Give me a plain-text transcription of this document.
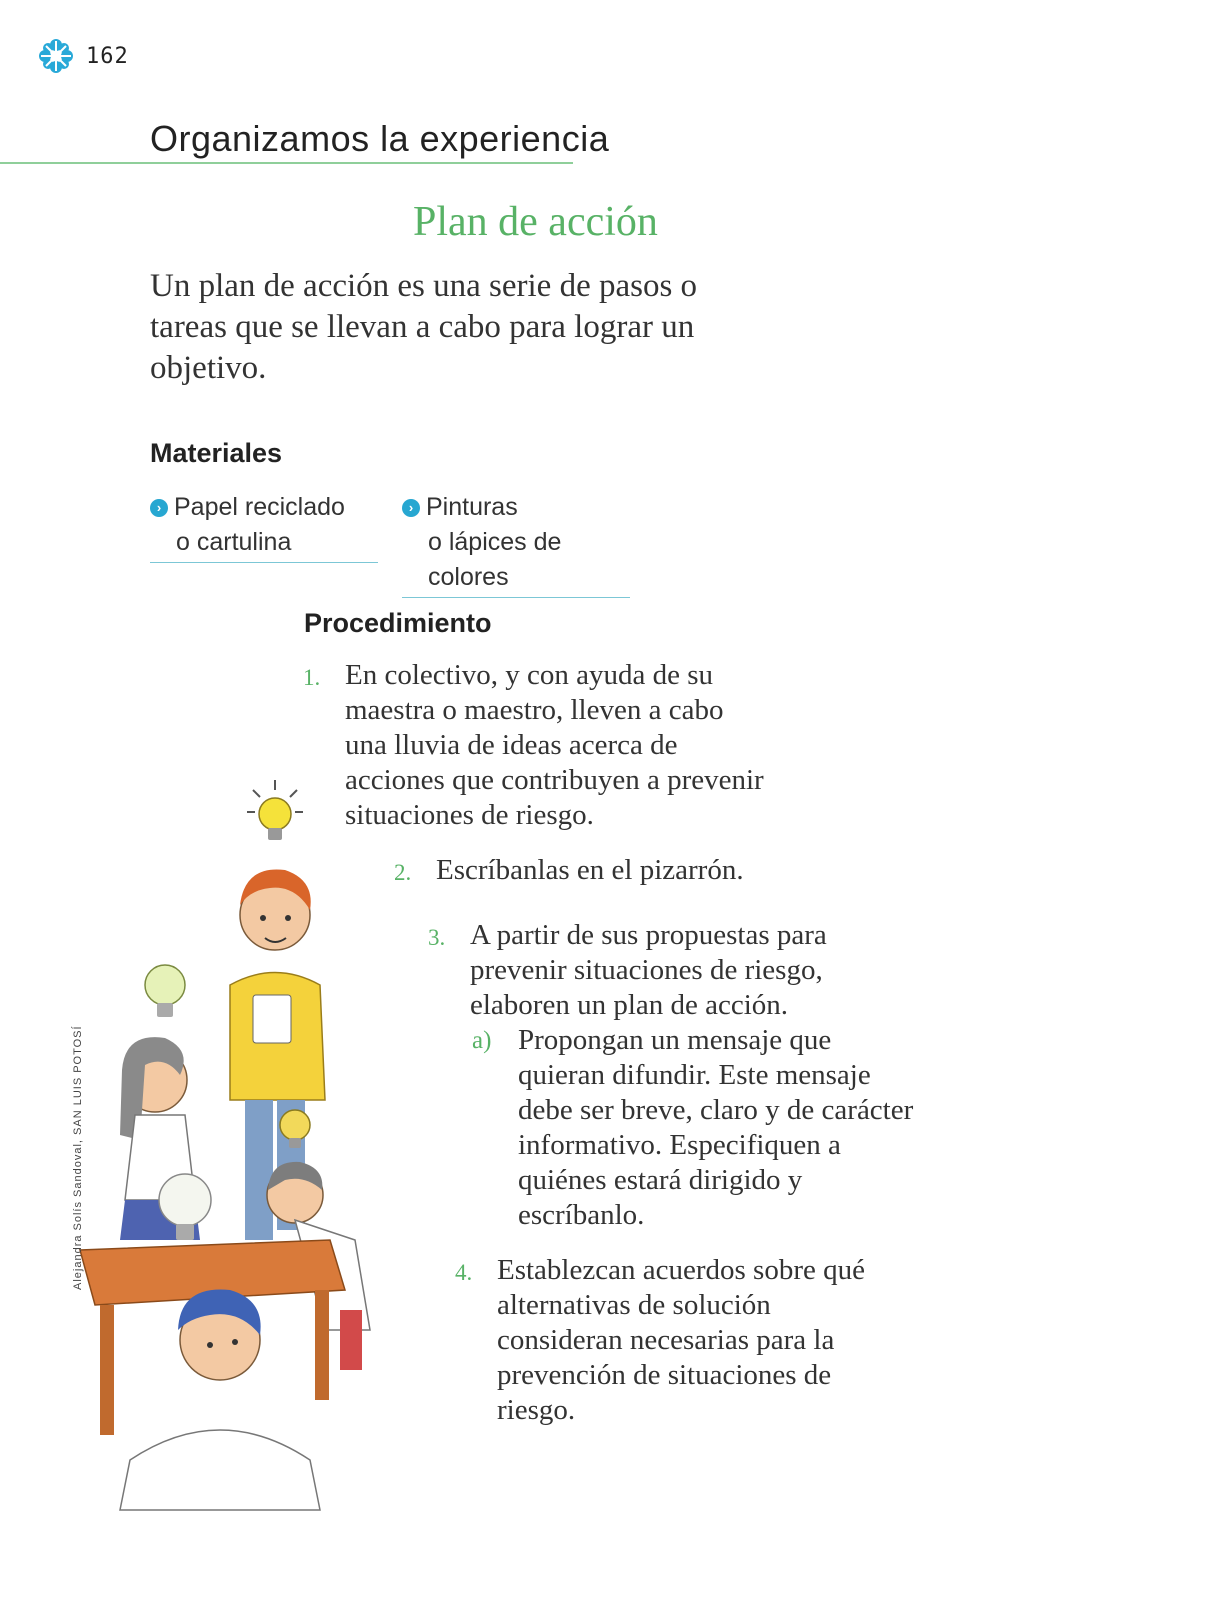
162
Organizamos la experiencia
Plan de acción

Un plan de acción es una serie de pasos o tareas que se llevan a cabo para lograr un objetivo.

Materiales
› Papel reciclado
o cartulina
› Pinturas
o lápices de colores
Procedimiento
1. En colectivo, y con ayuda de su maestra o maestro, lleven a cabo una lluvia de ideas acerca de acciones que contribuyen a prevenir situaciones de riesgo.
2. Escríbanlas en el pizarrón.
3. A partir de sus propuestas para prevenir situaciones de riesgo, elaboren un plan de acción.
a) Propongan un mensaje que quieran difundir. Este mensaje debe ser breve, claro y de carácter informativo. Especifiquen a quiénes estará dirigido y escríbanlo.
4. Establezcan acuerdos sobre qué alternativas de solución consideran necesarias para la prevención de situaciones de riesgo.
Alejandra Solís Sandoval, SAN LUIS POTOSÍ
